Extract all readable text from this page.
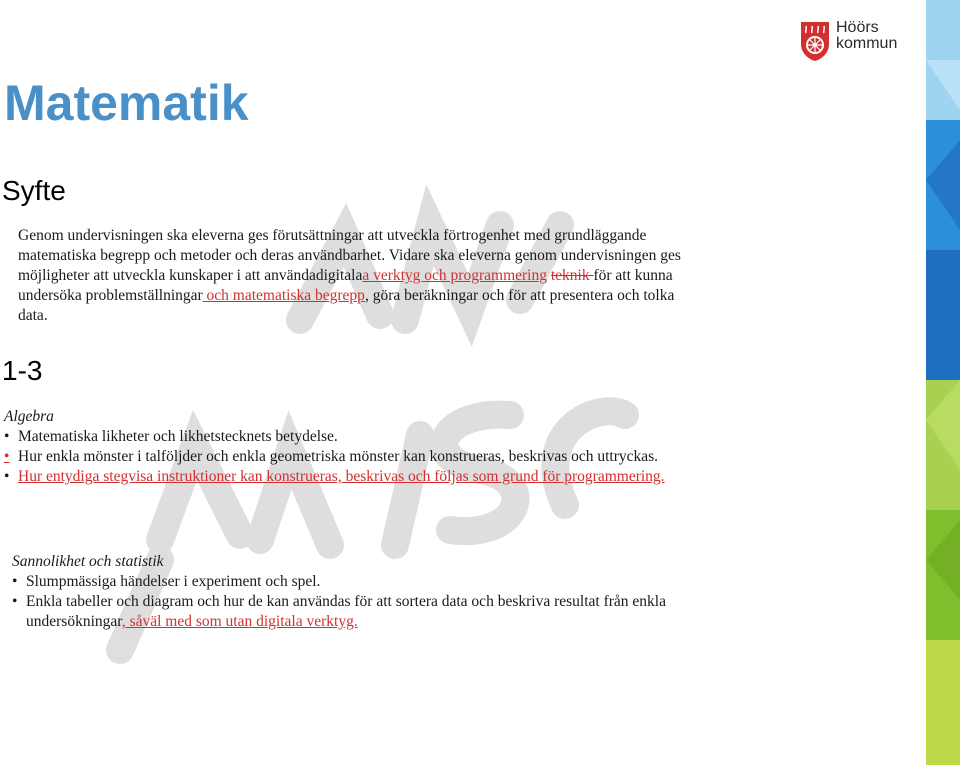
Matematik
Syfte
1-3
Höörs
kommun
Genom undervisningen ska eleverna ges förutsättningar att utveckla förtrogenhet med grundläggande matematiska begrepp och metoder och deras användbarhet. Vidare ska eleverna genom undervisningen ges möjligheter att utveckla kunskaper i att användadigitalaa verktyg och programmering teknik för att kunna undersöka problemställningar och matematiska begrepp, göra beräkningar och för att presentera och tolka data.
Algebra
• Matematiska likheter och likhetstecknets betydelse.
• Hur enkla mönster i talföljder och enkla geometriska mönster kan konstrueras, beskrivas och uttryckas.
• Hur entydiga stegvisa instruktioner kan konstrueras, beskrivas och följas som grund för programmering.
Sannolikhet och statistik
• Slumpmässiga händelser i experiment och spel.
• Enkla tabeller och diagram och hur de kan användas för att sortera data och beskriva resultat från enkla undersökningar, såväl med som utan digitala verktyg.
